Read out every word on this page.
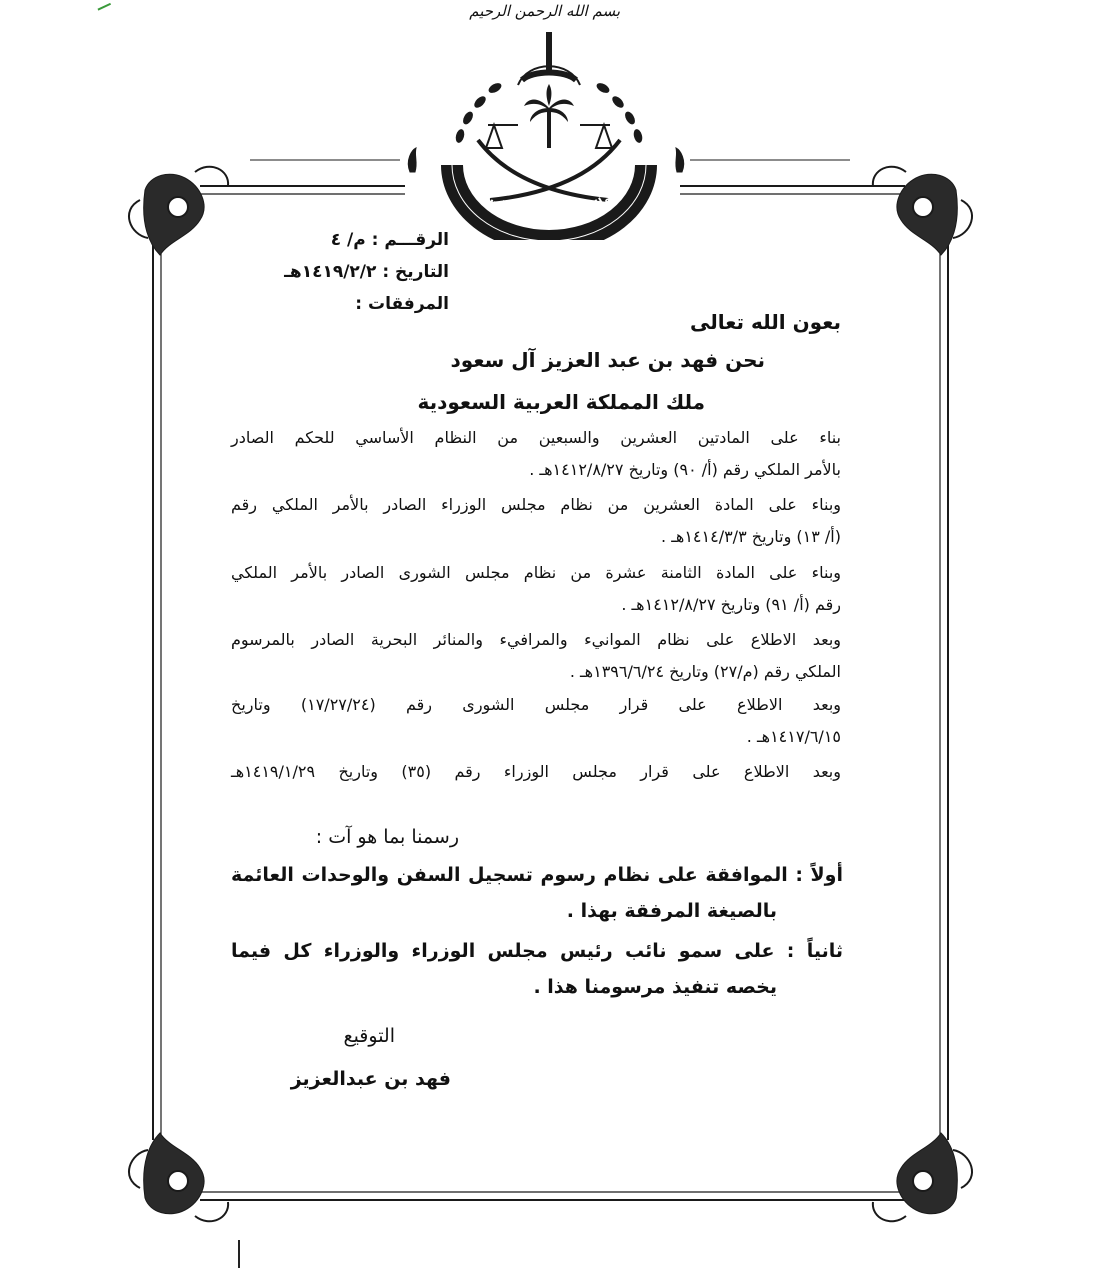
ملك المملكة العربية السعودية
بسم الله الرحمن الرحيم
الرقـــم : م/ ٤
التاريخ : ١٤١٩/٢/٢هـ
المرفقات :
بعون الله تعالى
نحن فهد بن عبد العزيز آل سعود
ملك المملكة العربية السعودية
بناء على المادتين العشرين والسبعين من النظام الأساسي للحكم الصادر
بالأمر الملكي رقم (أ/ ٩٠) وتاريخ ١٤١٢/٨/٢٧هـ .
وبناء على المادة العشرين من نظام مجلس الوزراء الصادر بالأمر الملكي رقم
(أ/ ١٣) وتاريخ ١٤١٤/٣/٣هـ .
وبناء على المادة الثامنة عشرة من نظام مجلس الشورى الصادر بالأمر الملكي
رقم (أ/ ٩١) وتاريخ ١٤١٢/٨/٢٧هـ .
وبعد الاطلاع على نظام الموانيء والمرافيء والمنائر البحرية الصادر بالمرسوم
الملكي رقم (م/٢٧) وتاريخ ١٣٩٦/٦/٢٤هـ .
وبعد الاطلاع على قرار مجلس الشورى رقم (١٧/٢٧/٢٤) وتاريخ
١٤١٧/٦/١٥هـ .
وبعد الاطلاع على قرار مجلس الوزراء رقم (٣٥) وتاريخ ١٤١٩/١/٢٩هـ
رسمنا بما هو آت :
أولاً : الموافقة على نظام رسوم تسجيل السفن والوحدات العائمة
بالصيغة المرفقة بهذا .
ثانياً : على سمو نائب رئيس مجلس الوزراء والوزراء كل فيما
يخصه تنفيذ مرسومنا هذا .
التوقيع
فهد بن عبدالعزيز
